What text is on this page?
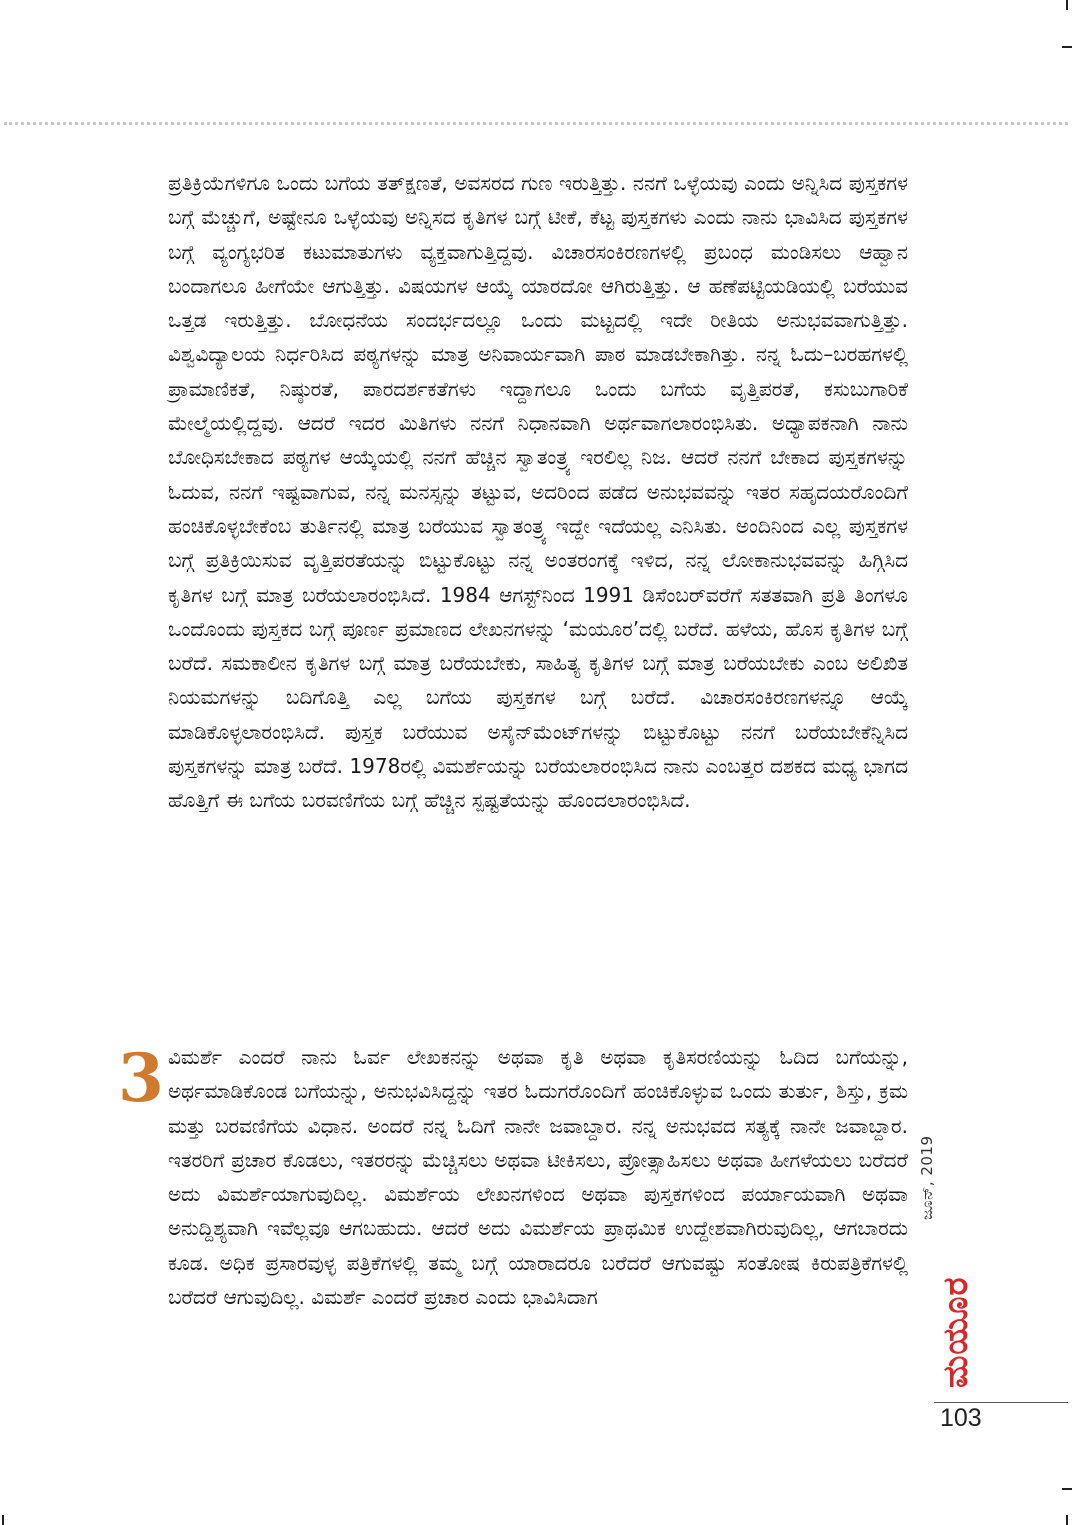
ಪ್ರತಿಕ್ರಿಯೆಗಳಿಗೂ ಒಂದು ಬಗೆಯ ತತ್‌ಕ್ಷಣತೆ, ಅವಸರದ ಗುಣ ಇರುತ್ತಿತ್ತು. ನನಗೆ ಒಳ್ಳೆಯವು ಎಂದು ಅನ್ನಿಸಿದ ಪುಸ್ತಕಗಳ ಬಗ್ಗೆ ಮೆಚ್ಚುಗೆ, ಅಷ್ಟೇನೂ ಒಳ್ಳೆಯವು ಅನ್ನಿಸದ ಕೃತಿಗಳ ಬಗ್ಗೆ ಟೀಕೆ, ಕೆಟ್ಟ ಪುಸ್ತಕಗಳು ಎಂದು ನಾನು ಭಾವಿಸಿದ ಪುಸ್ತಕಗಳ ಬಗ್ಗೆ ವ್ಯಂಗ್ಯಭರಿತ ಕಟುಮಾತುಗಳು ವ್ಯಕ್ತವಾಗುತ್ತಿದ್ದವು. ವಿಚಾರಸಂಕಿರಣಗಳಲ್ಲಿ ಪ್ರಬಂಧ ಮಂಡಿಸಲು ಆಹ್ವಾನ ಬಂದಾಗಲೂ ಹೀಗೆಯೇ ಆಗುತ್ತಿತ್ತು. ವಿಷಯಗಳ ಆಯ್ಕೆ ಯಾರದೋ ಆಗಿರುತ್ತಿತ್ತು. ಆ ಹಣೆಪಟ್ಟಿಯಡಿಯಲ್ಲಿ ಬರೆಯುವ ಒತ್ತಡ ಇರುತ್ತಿತ್ತು. ಬೋಧನೆಯ ಸಂದರ್ಭದಲ್ಲೂ ಒಂದು ಮಟ್ಟದಲ್ಲಿ ಇದೇ ರೀತಿಯ ಅನುಭವವಾಗುತ್ತಿತ್ತು. ವಿಶ್ವವಿದ್ಯಾಲಯ ನಿರ್ಧರಿಸಿದ ಪಠ್ಯಗಳನ್ನು ಮಾತ್ರ ಅನಿವಾರ್ಯವಾಗಿ ಪಾಠ ಮಾಡಬೇಕಾಗಿತ್ತು. ನನ್ನ ಓದು–ಬರಹಗಳಲ್ಲಿ ಪ್ರಾಮಾಣಿಕತೆ, ನಿಷ್ಠುರತೆ, ಪಾರದರ್ಶಕತೆಗಳು ಇದ್ದಾಗಲೂ ಒಂದು ಬಗೆಯ ವೃತ್ತಿಪರತೆ, ಕಸುಬುಗಾರಿಕೆ ಮೇಲ್ಮೆಯಲ್ಲಿದ್ದವು. ಆದರೆ ಇದರ ಮಿತಿಗಳು ನನಗೆ ನಿಧಾನವಾಗಿ ಅರ್ಥವಾಗಲಾರಂಭಿಸಿತು. ಅಧ್ಯಾಪಕನಾಗಿ ನಾನು ಬೋಧಿಸಬೇಕಾದ ಪಠ್ಯಗಳ ಆಯ್ಕೆಯಲ್ಲಿ ನನಗೆ ಹೆಚ್ಚಿನ ಸ್ವಾತಂತ್ರ್ಯ ಇರಲಿಲ್ಲ ನಿಜ. ಆದರೆ ನನಗೆ ಬೇಕಾದ ಪುಸ್ತಕಗಳನ್ನು ಓದುವ, ನನಗೆ ಇಷ್ಟವಾಗುವ, ನನ್ನ ಮನಸ್ಸನ್ನು ತಟ್ಟುವ, ಅದರಿಂದ ಪಡೆದ ಅನುಭವವನ್ನು ಇತರ ಸಹೃದಯರೊಂದಿಗೆ ಹಂಚಿಕೊಳ್ಳಬೇಕೆಂಬ ತುರ್ತಿನಲ್ಲಿ ಮಾತ್ರ ಬರೆಯುವ ಸ್ವಾತಂತ್ರ್ಯ ಇದ್ದೇ ಇದೆಯಲ್ಲ ಎನಿಸಿತು. ಅಂದಿನಿಂದ ಎಲ್ಲ ಪುಸ್ತಕಗಳ ಬಗ್ಗೆ ಪ್ರತಿಕ್ರಿಯಿಸುವ ವೃತ್ತಿಪರತೆಯನ್ನು ಬಿಟ್ಟುಕೊಟ್ಟು ನನ್ನ ಅಂತರಂಗಕ್ಕೆ ಇಳಿದ, ನನ್ನ ಲೋಕಾನುಭವವನ್ನು ಹಿಗ್ಗಿಸಿದ ಕೃತಿಗಳ ಬಗ್ಗೆ ಮಾತ್ರ ಬರೆಯಲಾರಂಭಿಸಿದೆ. 1984 ಆಗಸ್ಟ್‌ನಿಂದ 1991 ಡಿಸೆಂಬರ್‌ವರೆಗೆ ಸತತವಾಗಿ ಪ್ರತಿ ತಿಂಗಳೂ ಒಂದೊಂದು ಪುಸ್ತಕದ ಬಗ್ಗೆ ಪೂರ್ಣ ಪ್ರಮಾಣದ ಲೇಖನಗಳನ್ನು ‘ಮಯೂರ’ದಲ್ಲಿ ಬರೆದೆ. ಹಳೆಯ, ಹೊಸ ಕೃತಿಗಳ ಬಗ್ಗೆ ಬರೆದೆ. ಸಮಕಾಲೀನ ಕೃತಿಗಳ ಬಗ್ಗೆ ಮಾತ್ರ ಬರೆಯಬೇಕು, ಸಾಹಿತ್ಯ ಕೃತಿಗಳ ಬಗ್ಗೆ ಮಾತ್ರ ಬರೆಯಬೇಕು ಎಂಬ ಅಲಿಖಿತ ನಿಯಮಗಳನ್ನು ಬದಿಗೊತ್ತಿ ಎಲ್ಲ ಬಗೆಯ ಪುಸ್ತಕಗಳ ಬಗ್ಗೆ ಬರೆದೆ. ವಿಚಾರಸಂಕಿರಣಗಳನ್ನೂ ಆಯ್ಕೆ ಮಾಡಿಕೊಳ್ಳಲಾರಂಭಿಸಿದೆ. ಪುಸ್ತಕ ಬರೆಯುವ ಅಸೈನ್‌ಮೆಂಟ್‌ಗಳನ್ನು ಬಿಟ್ಟುಕೊಟ್ಟು ನನಗೆ ಬರೆಯಬೇಕೆನ್ನಿಸಿದ ಪುಸ್ತಕಗಳನ್ನು ಮಾತ್ರ ಬರೆದೆ. 1978ರಲ್ಲಿ ವಿಮರ್ಶೆಯನ್ನು ಬರೆಯಲಾರಂಭಿಸಿದ ನಾನು ಎಂಬತ್ತರ ದಶಕದ ಮಧ್ಯ ಭಾಗದ ಹೊತ್ತಿಗೆ ಈ ಬಗೆಯ ಬರವಣಿಗೆಯ ಬಗ್ಗೆ ಹೆಚ್ಚಿನ ಸ್ಪಷ್ಟತೆಯನ್ನು ಹೊಂದಲಾರಂಭಿಸಿದೆ.

3 ವಿಮರ್ಶೆ ಎಂದರೆ ನಾನು ಓರ್ವ ಲೇಖಕನನ್ನು ಅಥವಾ ಕೃತಿ ಅಥವಾ ಕೃತಿಸರಣಿಯನ್ನು ಓದಿದ ಬಗೆಯನ್ನು, ಅರ್ಥಮಾಡಿಕೊಂಡ ಬಗೆಯನ್ನು, ಅನುಭವಿಸಿದ್ದನ್ನು ಇತರ ಓದುಗರೊಂದಿಗೆ ಹಂಚಿಕೊಳ್ಳುವ ಒಂದು ತುರ್ತು, ಶಿಸ್ತು, ಕ್ರಮ ಮತ್ತು ಬರವಣಿಗೆಯ ವಿಧಾನ. ಅಂದರೆ ನನ್ನ ಓದಿಗೆ ನಾನೇ ಜವಾಬ್ದಾರ. ನನ್ನ ಅನುಭವದ ಸತ್ಯಕ್ಕೆ ನಾನೇ ಜವಾಬ್ದಾರ. ಇತರರಿಗೆ ಪ್ರಚಾರ ಕೊಡಲು, ಇತರರನ್ನು ಮೆಚ್ಚಿಸಲು ಅಥವಾ ಟೀಕಿಸಲು, ಪ್ರೋತ್ಸಾಹಿಸಲು ಅಥವಾ ಹೀಗಳೆಯಲು ಬರೆದರೆ ಅದು ವಿಮರ್ಶೆಯಾಗುವುದಿಲ್ಲ. ವಿಮರ್ಶೆಯ ಲೇಖನಗಳಿಂದ ಅಥವಾ ಪುಸ್ತಕಗಳಿಂದ ಪರ್ಯಾಯವಾಗಿ ಅಥವಾ ಅನುದ್ದಿಶ್ಯವಾಗಿ ಇವೆಲ್ಲವೂ ಆಗಬಹುದು. ಆದರೆ ಅದು ವಿಮರ್ಶೆಯ ಪ್ರಾಥಮಿಕ ಉದ್ದೇಶವಾಗಿರುವುದಿಲ್ಲ, ಆಗಬಾರದು ಕೂಡ. ಅಧಿಕ ಪ್ರಸಾರವುಳ್ಳ ಪತ್ರಿಕೆಗಳಲ್ಲಿ ತಮ್ಮ ಬಗ್ಗೆ ಯಾರಾದರೂ ಬರೆದರೆ ಆಗುವಷ್ಟು ಸಂತೋಷ ಕಿರುಪತ್ರಿಕೆಗಳಲ್ಲಿ ಬರೆದರೆ ಆಗುವುದಿಲ್ಲ. ವಿಮರ್ಶೆ ಎಂದರೆ ಪ್ರಚಾರ ಎಂದು ಭಾವಿಸಿದಾಗ

ಜೂನ್, 2019
ಮಯೂರ
103
